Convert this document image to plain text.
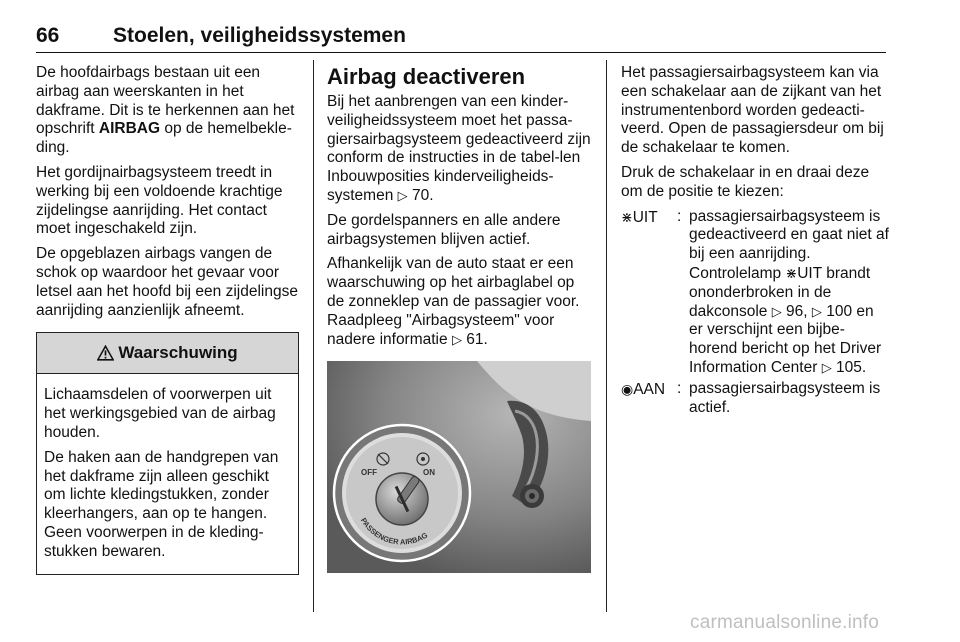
66	Stoelen, veiligheidssystemen

De hoofdairbags bestaan uit een airbag aan weerskanten in het dakframe. Dit is te herkennen aan het opschrift AIRBAG op de hemelbekle-ding.

Het gordijnairbagsysteem treedt in werking bij een voldoende krachtige zijdelingse aanrijding. Het contact moet ingeschakeld zijn.

De opgeblazen airbags vangen de schok op waardoor het gevaar voor letsel aan het hoofd bij een zijdelingse aanrijding aanzienlijk afneemt.

Waarschuwing

Lichaamsdelen of voorwerpen uit het werkingsgebied van de airbag houden.

De haken aan de handgrepen van het dakframe zijn alleen geschikt om lichte kledingstukken, zonder kleerhangers, aan op te hangen. Geen voorwerpen in de kleding-stukken bewaren.

Airbag deactiveren

Bij het aanbrengen van een kinder-veiligheidssysteem moet het passa-giersairbagsysteem gedeactiveerd zijn conform de instructies in de tabel-len Inbouwposities kinderveiligheids-systemen ▷ 70.

De gordelspanners en alle andere airbagsystemen blijven actief.

Afhankelijk van de auto staat er een waarschuwing op het airbaglabel op de zonneklep van de passagier voor. Raadpleeg "Airbagsysteem" voor nadere informatie ▷ 61.

OFF	ON
PASSENGER AIRBAG

Het passagiersairbagsysteem kan via een schakelaar aan de zijkant van het instrumentenbord worden gedeacti-veerd. Open de passagiersdeur om bij de schakelaar te komen.

Druk de schakelaar in en draai deze om de positie te kiezen:

⋇UIT	:	passagiersairbagsysteem is gedeactiveerd en gaat niet af bij een aanrijding. Controlelamp ⋇UIT brandt ononderbroken in de dakconsole ▷ 96, ▷ 100 en er verschijnt een bijbe-horend bericht op het Driver Information Center ▷ 105.
◉AAN	:	passagiersairbagsysteem is actief.
carmanualsonline.info
